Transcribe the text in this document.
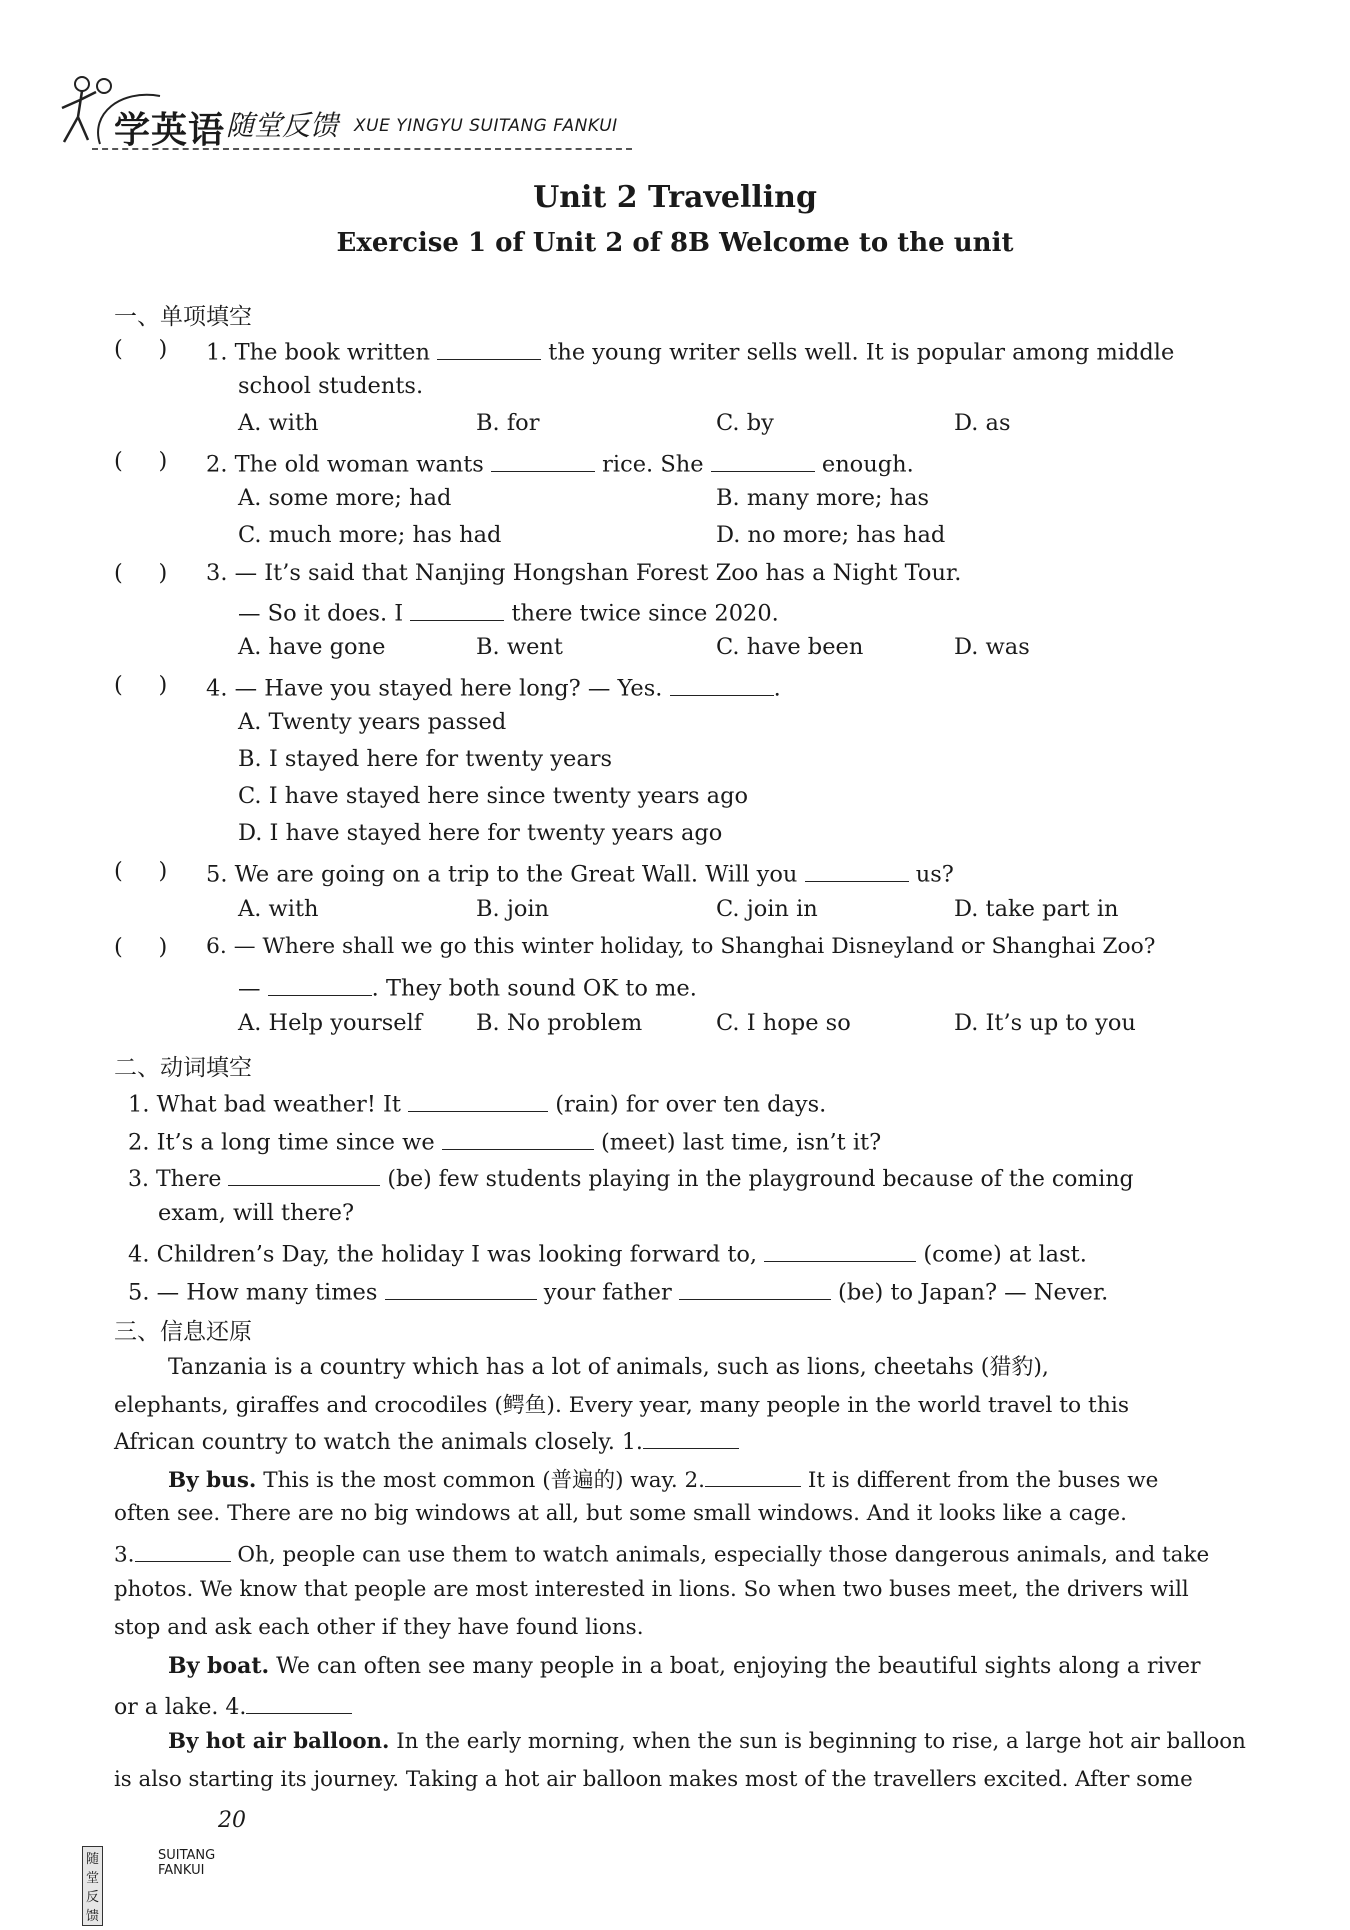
学英语 随堂反馈 XUE YINGYU SUITANG FANKUI
Unit 2 Travelling
Exercise 1 of Unit 2 of 8B Welcome to the unit
一、单项填空
(     ) 1. The book written	the young writer sells well. It is popular among middle
school students.
A. with	B. for	C. by	D. as
(     ) 2. The old woman wants	rice. She	enough.
A. some more; had	B. many more; has
C. much more; has had	D. no more; has had
(     ) 3. — It’s said that Nanjing Hongshan Forest Zoo has a Night Tour.
— So it does. I	there twice since 2020.
A. have gone	B. went	C. have been	D. was
(     ) 4. — Have you stayed here long? — Yes.	.
A. Twenty years passed
B. I stayed here for twenty years
C. I have stayed here since twenty years ago
D. I have stayed here for twenty years ago
(     ) 5. We are going on a trip to the Great Wall. Will you	us?
A. with	B. join	C. join in	D. take part in
(     ) 6. — Where shall we go this winter holiday, to Shanghai Disneyland or Shanghai Zoo?
—	. They both sound OK to me.
A. Help yourself B. No problem	C. I hope so	D. It’s up to you
二、动词填空
1. What bad weather! It	(rain) for over ten days.
2. It’s a long time since we	(meet) last time, isn’t it?
3. There	(be) few students playing in the playground because of the coming
exam, will there?
4. Children’s Day, the holiday I was looking forward to,	(come) at last.
5. — How many times	your father	(be) to Japan? — Never.
三、信息还原
Tanzania is a country which has a lot of animals, such as lions, cheetahs (猎豹),
elephants, giraffes and crocodiles (鳄鱼). Every year, many people in the world travel to this
African country to watch the animals closely. 1.
By bus. This is the most common (普遍的) way. 2.	It is different from the buses we
often see. There are no big windows at all, but some small windows. And it looks like a cage.
3.	Oh, people can use them to watch animals, especially those dangerous animals, and take
photos. We know that people are most interested in lions. So when two buses meet, the drivers will
stop and ask each other if they have found lions.
By boat. We can often see many people in a boat, enjoying the beautiful sights along a river
or a lake. 4.
By hot air balloon. In the early morning, when the sun is beginning to rise, a large hot air balloon
is also starting its journey. Taking a hot air balloon makes most of the travellers excited. After some
20
随堂反馈
SUITANG FANKUI
